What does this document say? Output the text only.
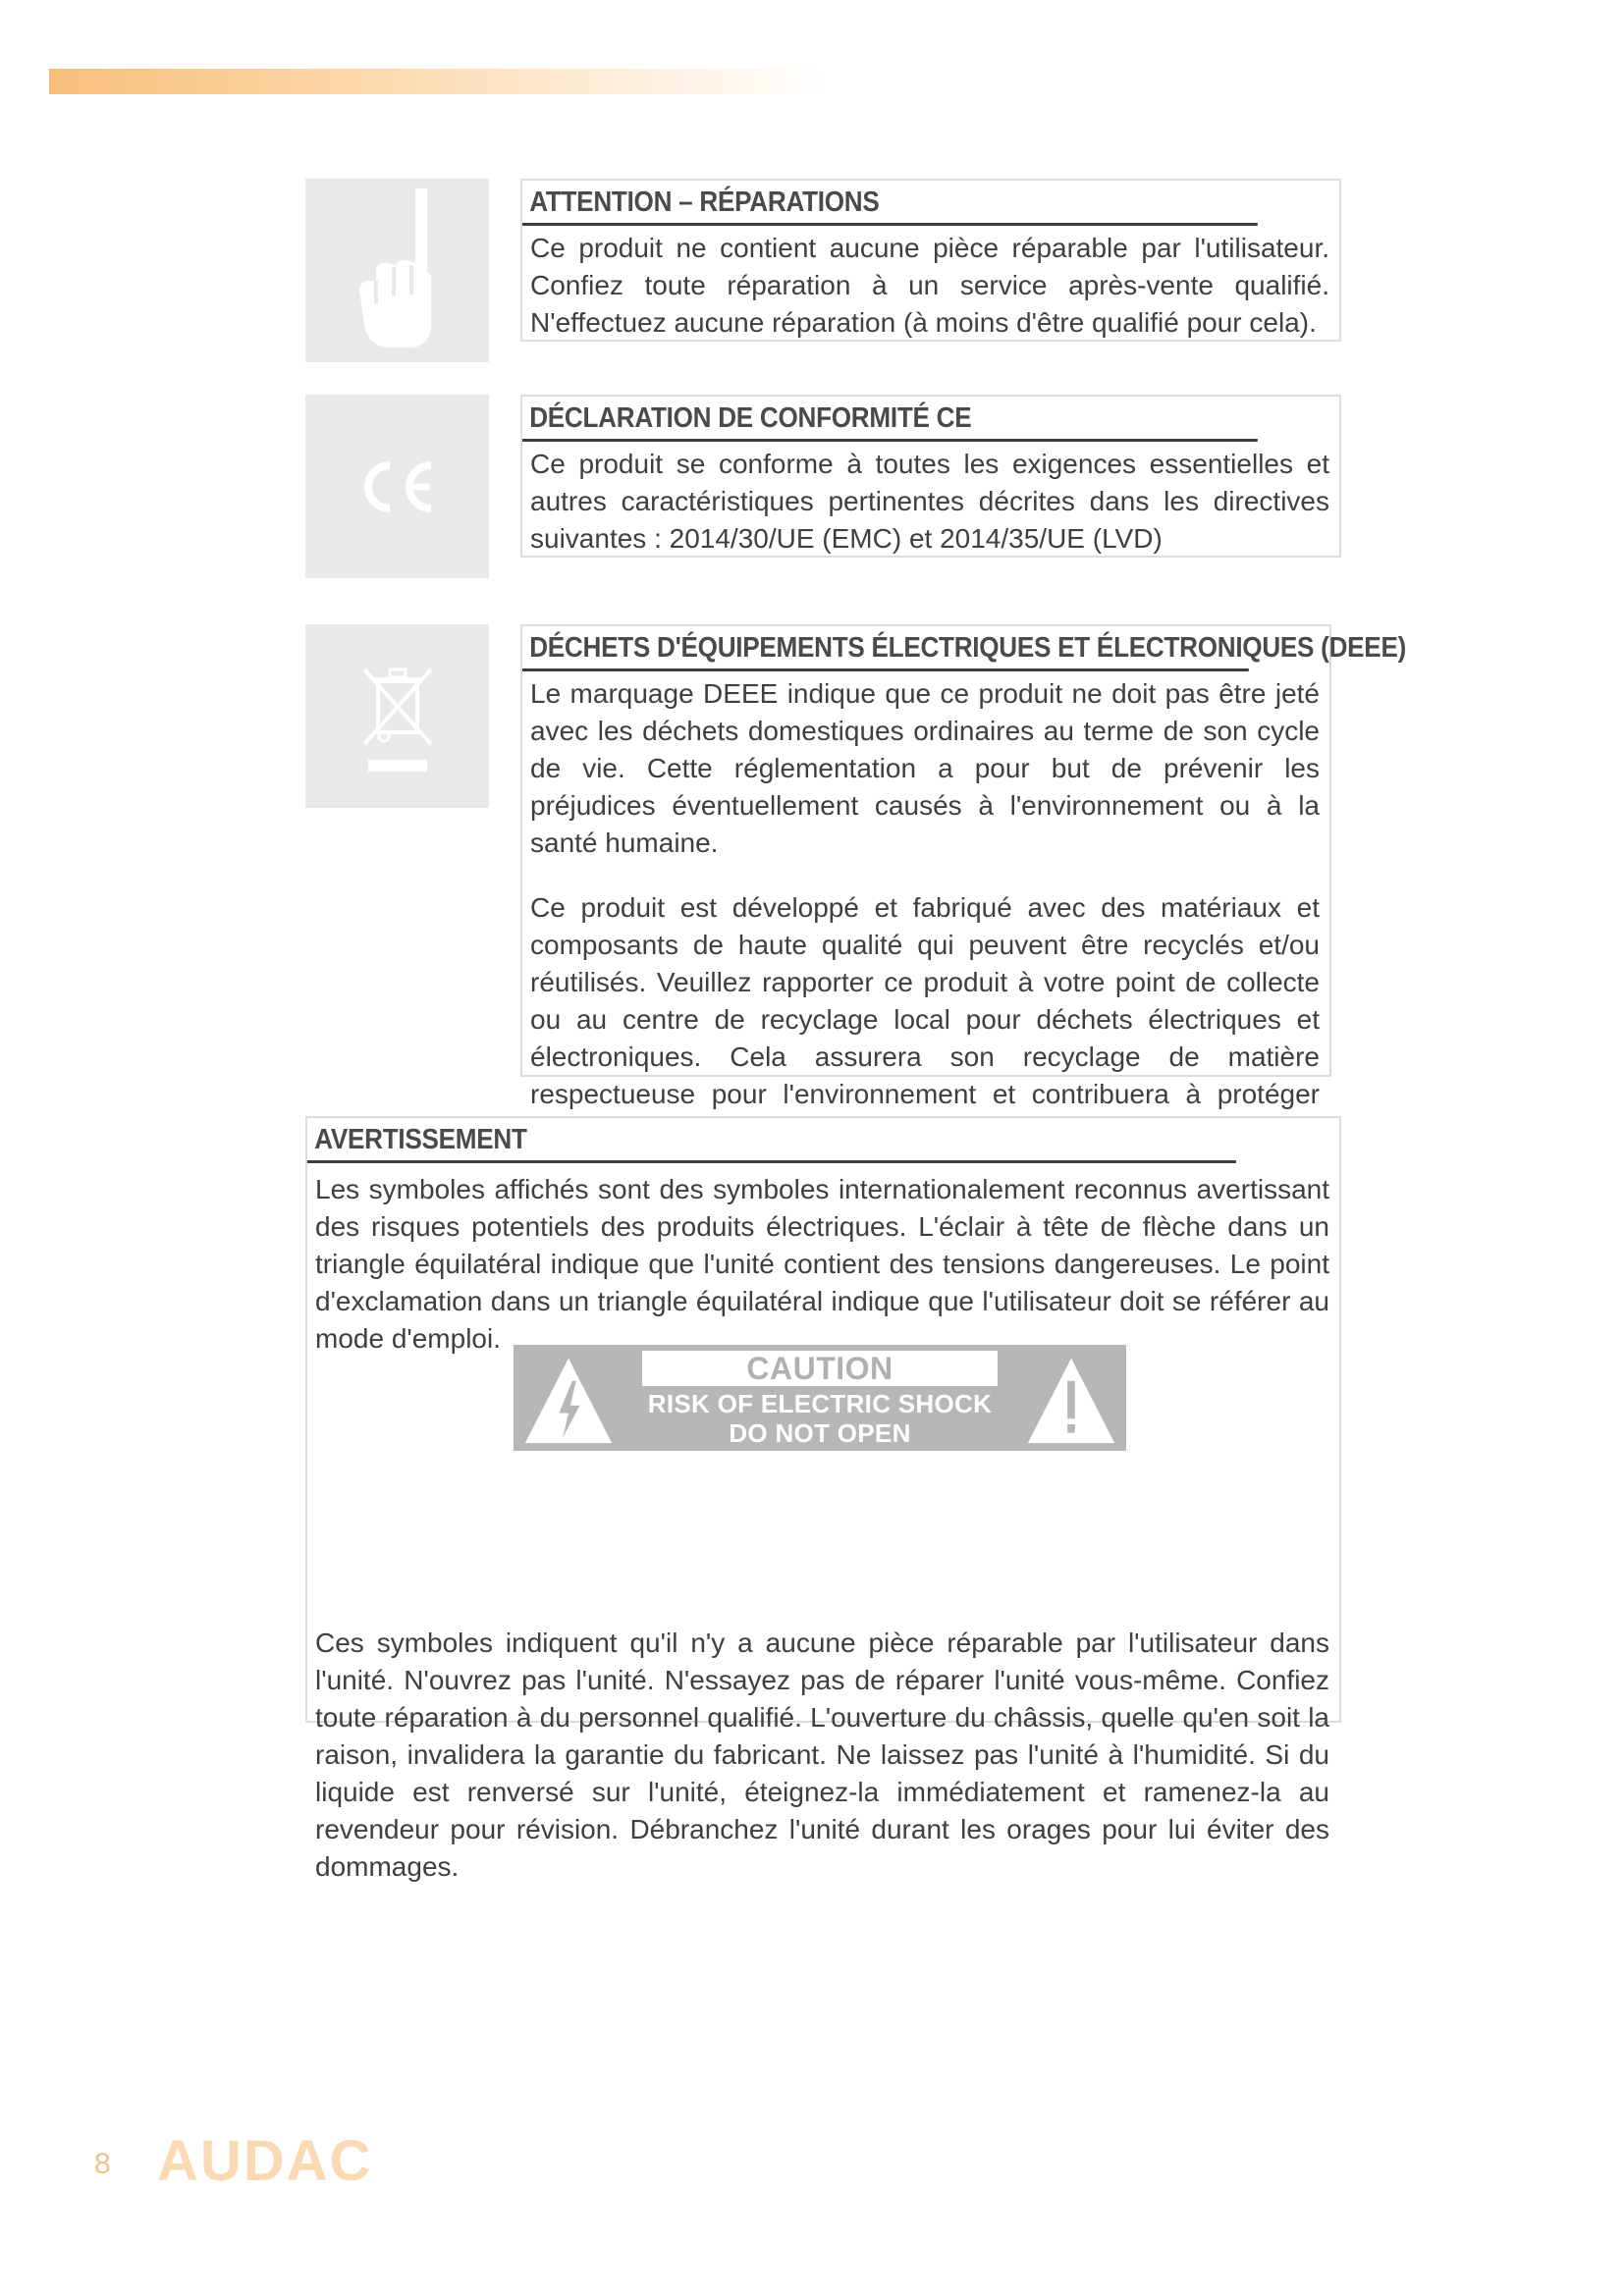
ATTENTION – RÉPARATIONS
Ce produit ne contient aucune pièce réparable par l'utilisateur. Confiez toute réparation à un service après-vente qualifié. N'effectuez aucune réparation (à moins d'être qualifié pour cela).
DÉCLARATION DE CONFORMITÉ CE
Ce produit se conforme à toutes les exigences essentielles et autres caractéristiques pertinentes décrites dans les directives suivantes : 2014/30/UE (EMC) et 2014/35/UE (LVD)
DÉCHETS D'ÉQUIPEMENTS ÉLECTRIQUES ET ÉLECTRONIQUES (DEEE)

Le marquage DEEE indique que ce produit ne doit pas être jeté avec les déchets domestiques ordinaires au terme de son cycle de vie. Cette réglementation a pour but de prévenir les préjudices éventuellement causés à l'environnement ou à la santé humaine.

Ce produit est développé et fabriqué avec des matériaux et composants de haute qualité qui peuvent être recyclés et/ou réutilisés. Veuillez rapporter ce produit à votre point de collecte ou au centre de recyclage local pour déchets électriques et électroniques. Cela assurera son recyclage de matière respectueuse pour l'environnement et contribuera à protéger

AVERTISSEMENT

Les symboles affichés sont des symboles internationalement reconnus avertissant des risques potentiels des produits électriques. L'éclair à tête de flèche dans un triangle équilatéral indique que l'unité contient des tensions dangereuses. Le point d'exclamation dans un triangle équilatéral indique que l'utilisateur doit se référer au mode d'emploi.

Ces symboles indiquent qu'il n'y a aucune pièce réparable par l'utilisateur dans l'unité. N'ouvrez pas l'unité. N'essayez pas de réparer l'unité vous-même. Confiez toute réparation à du personnel qualifié. L'ouverture du châssis, quelle qu'en soit la raison, invalidera la garantie du fabricant. Ne laissez pas l'unité à l'humidité. Si du liquide est renversé sur l'unité, éteignez-la immédiatement et ramenez-la au revendeur pour révision. Débranchez l'unité durant les orages pour lui éviter des dommages.

CAUTION
RISK OF ELECTRIC SHOCK
DO NOT OPEN
8 AUDAC
